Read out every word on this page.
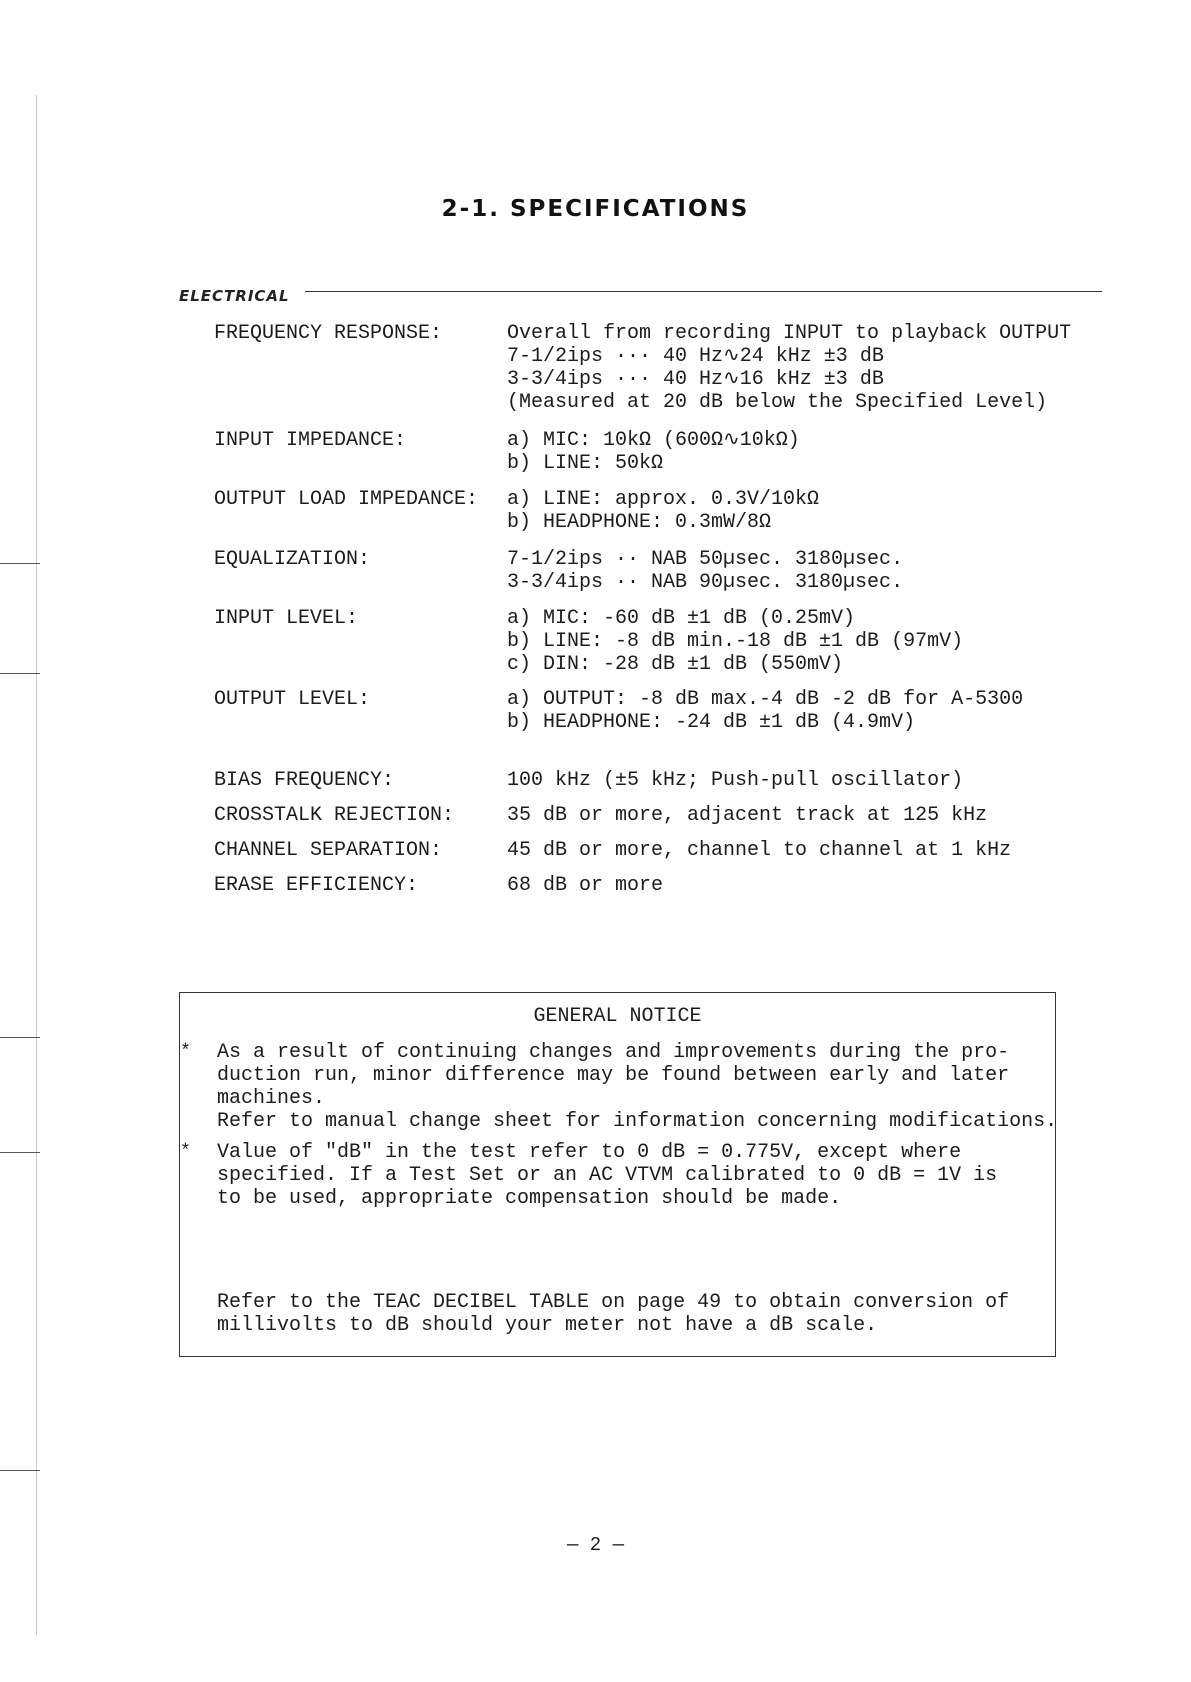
2-1. SPECIFICATIONS
ELECTRICAL
FREQUENCY RESPONSE:	Overall from recording INPUT to playback OUTPUT
7-1/2ips ··· 40 Hz∿24 kHz ±3 dB
3-3/4ips ··· 40 Hz∿16 kHz ±3 dB
(Measured at 20 dB below the Specified Level)
INPUT IMPEDANCE:	a) MIC: 10kΩ (600Ω∿10kΩ)
b) LINE: 50kΩ
OUTPUT LOAD IMPEDANCE: a) LINE: approx. 0.3V/10kΩ
b) HEADPHONE: 0.3mW/8Ω
EQUALIZATION:	7-1/2ips ·· NAB 50µsec. 3180µsec.
3-3/4ips ·· NAB 90µsec. 3180µsec.
INPUT LEVEL:	a) MIC: -60 dB ±1 dB (0.25mV)
b) LINE: -8 dB min.-18 dB ±1 dB (97mV)
c) DIN: -28 dB ±1 dB (550mV)
OUTPUT LEVEL:	a) OUTPUT: -8 dB max.-4 dB -2 dB for A-5300
b) HEADPHONE: -24 dB ±1 dB (4.9mV)
BIAS FREQUENCY:	100 kHz (±5 kHz; Push-pull oscillator)
CROSSTALK REJECTION:	35 dB or more, adjacent track at 125 kHz
CHANNEL SEPARATION:	45 dB or more, channel to channel at 1 kHz
ERASE EFFICIENCY:	68 dB or more
GENERAL NOTICE
* As a result of continuing changes and improvements during the pro-
duction run, minor difference may be found between early and later
machines.
Refer to manual change sheet for information concerning modifications.
* Value of "dB" in the test refer to 0 dB = 0.775V, except where
specified. If a Test Set or an AC VTVM calibrated to 0 dB = 1V is
to be used, appropriate compensation should be made.
Refer to the TEAC DECIBEL TABLE on page 49 to obtain conversion of
millivolts to dB should your meter not have a dB scale.
— 2 —
